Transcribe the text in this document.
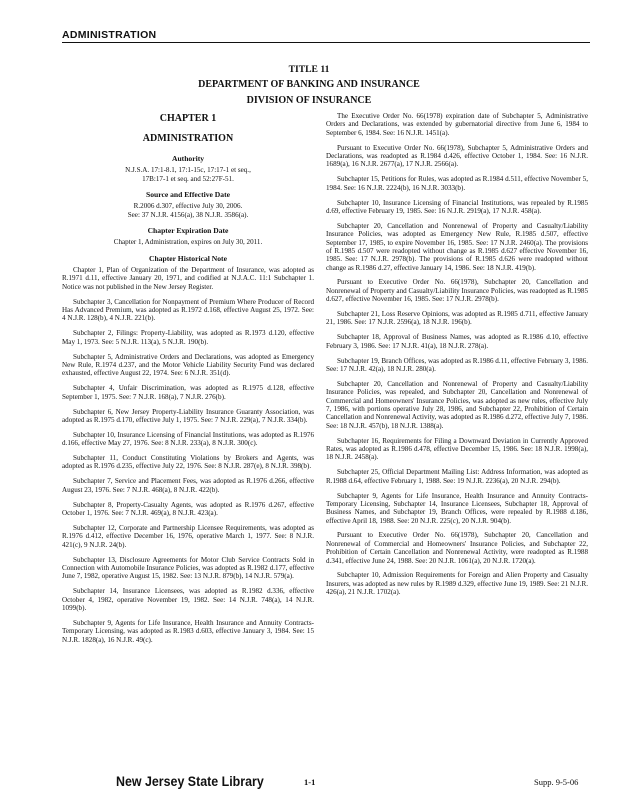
ADMINISTRATION
TITLE 11
DEPARTMENT OF BANKING AND INSURANCE
DIVISION OF INSURANCE
CHAPTER 1
ADMINISTRATION
Authority
N.J.S.A. 17:1-8.1, 17:1-15c, 17:17-1 et seq.,
17B:17-1 et seq. and 52:27F-51.
Source and Effective Date
R.2006 d.307, effective July 30, 2006.
See: 37 N.J.R. 4156(a), 38 N.J.R. 3586(a).
Chapter Expiration Date
Chapter 1, Administration, expires on July 30, 2011.
Chapter Historical Note

Chapter 1, Plan of Organization of the Department of Insurance, was adopted as R.1971 d.11, effective January 20, 1971, and codified at N.J.A.C. 11:1 Subchapter 1. Notice was not published in the New Jersey Register.

Subchapter 3, Cancellation for Nonpayment of Premium Where Producer of Record Has Advanced Premium, was adopted as R.1972 d.168, effective August 25, 1972. See: 4 N.J.R. 128(b), 4 N.J.R. 221(b).

Subchapter 2, Filings: Property-Liability, was adopted as R.1973 d.120, effective May 1, 1973. See: 5 N.J.R. 113(a), 5 N.J.R. 190(b).

Subchapter 5, Administrative Orders and Declarations, was adopted as Emergency New Rule, R.1974 d.237, and the Motor Vehicle Liability Security Fund was declared exhausted, effective August 22, 1974. See: 6 N.J.R. 351(d).

Subchapter 4, Unfair Discrimination, was adopted as R.1975 d.128, effective September 1, 1975. See: 7 N.J.R. 168(a), 7 N.J.R. 276(b).

Subchapter 6, New Jersey Property-Liability Insurance Guaranty Association, was adopted as R.1975 d.170, effective July 1, 1975. See: 7 N.J.R. 229(a), 7 N.J.R. 334(b).

Subchapter 10, Insurance Licensing of Financial Institutions, was adopted as R.1976 d.166, effective May 27, 1976. See: 8 N.J.R. 233(a), 8 N.J.R. 300(c).

Subchapter 11, Conduct Constituting Violations by Brokers and Agents, was adopted as R.1976 d.235, effective July 22, 1976. See: 8 N.J.R. 287(e), 8 N.J.R. 398(b).

Subchapter 7, Service and Placement Fees, was adopted as R.1976 d.266, effective August 23, 1976. See: 7 N.J.R. 468(a), 8 N.J.R. 422(b).

Subchapter 8, Property-Casualty Agents, was adopted as R.1976 d.267, effective October 1, 1976. See: 7 N.J.R. 469(a), 8 N.J.R. 423(a).

Subchapter 12, Corporate and Partnership Licensee Requirements, was adopted as R.1976 d.412, effective December 16, 1976, operative March 1, 1977. See: 8 N.J.R. 421(c), 9 N.J.R. 24(b).

Subchapter 13, Disclosure Agreements for Motor Club Service Contracts Sold in Connection with Automobile Insurance Policies, was adopted as R.1982 d.177, effective June 7, 1982, operative August 15, 1982. See: 13 N.J.R. 879(b), 14 N.J.R. 579(a).

Subchapter 14, Insurance Licensees, was adopted as R.1982 d.336, effective October 4, 1982, operative November 19, 1982. See: 14 N.J.R. 748(a), 14 N.J.R. 1099(b).

Subchapter 9, Agents for Life Insurance, Health Insurance and Annuity Contracts-Temporary Licensing, was adopted as R.1983 d.603, effective January 3, 1984. See: 15 N.J.R. 1828(a), 16 N.J.R. 49(c).

The Executive Order No. 66(1978) expiration date of Subchapter 5, Administrative Orders and Declarations, was extended by gubernatorial directive from June 6, 1984 to September 6, 1984. See: 16 N.J.R. 1451(a).

Pursuant to Executive Order No. 66(1978), Subchapter 5, Administrative Orders and Declarations, was readopted as R.1984 d.426, effective October 1, 1984. See: 16 N.J.R. 1689(a), 16 N.J.R. 2677(a), 17 N.J.R. 2566(a).

Subchapter 15, Petitions for Rules, was adopted as R.1984 d.511, effective November 5, 1984. See: 16 N.J.R. 2224(b), 16 N.J.R. 3033(b).

Subchapter 10, Insurance Licensing of Financial Institutions, was repealed by R.1985 d.69, effective February 19, 1985. See: 16 N.J.R. 2919(a), 17 N.J.R. 458(a).

Subchapter 20, Cancellation and Nonrenewal of Property and Casualty/Liability Insurance Policies, was adopted as Emergency New Rule, R.1985 d.507, effective September 17, 1985, to expire November 16, 1985. See: 17 N.J.R. 2460(a). The provisions of R.1985 d.507 were readopted without change as R.1985 d.627 effective November 16, 1985. See: 17 N.J.R. 2978(b). The provisions of R.1985 d.626 were readopted without change as R.1986 d.27, effective January 14, 1986. See: 18 N.J.R. 419(b).

Pursuant to Executive Order No. 66(1978), Subchapter 20, Cancellation and Nonrenewal of Property and Casualty/Liability Insurance Policies, was readopted as R.1985 d.627, effective November 16, 1985. See: 17 N.J.R. 2978(b).

Subchapter 21, Loss Reserve Opinions, was adopted as R.1985 d.711, effective January 21, 1986. See: 17 N.J.R. 2596(a), 18 N.J.R. 196(b).

Subchapter 18, Approval of Business Names, was adopted as R.1986 d.10, effective February 3, 1986. See: 17 N.J.R. 41(a), 18 N.J.R. 278(a).

Subchapter 19, Branch Offices, was adopted as R.1986 d.11, effective February 3, 1986. See: 17 N.J.R. 42(a), 18 N.J.R. 280(a).

Subchapter 20, Cancellation and Nonrenewal of Property and Casualty/Liability Insurance Policies, was repealed, and Subchapter 20, Cancellation and Nonrenewal of Commercial and Homeowners' Insurance Policies, was adopted as new rules, effective July 7, 1986, with portions operative July 28, 1986, and Subchapter 22, Prohibition of Certain Cancellation and Nonrenewal Activity, was adopted as R.1986 d.272, effective July 7, 1986. See: 18 N.J.R. 457(b), 18 N.J.R. 1388(a).

Subchapter 16, Requirements for Filing a Downward Deviation in Currently Approved Rates, was adopted as R.1986 d.478, effective December 15, 1986. See: 18 N.J.R. 1998(a), 18 N.J.R. 2458(a).

Subchapter 25, Official Department Mailing List: Address Information, was adopted as R.1988 d.64, effective February 1, 1988. See: 19 N.J.R. 2236(a), 20 N.J.R. 294(b).

Subchapter 9, Agents for Life Insurance, Health Insurance and Annuity Contracts-Temporary Licensing, Subchapter 14, Insurance Licensees, Subchapter 18, Approval of Business Names, and Subchapter 19, Branch Offices, were repealed by R.1988 d.186, effective April 18, 1988. See: 20 N.J.R. 225(c), 20 N.J.R. 904(b).

Pursuant to Executive Order No. 66(1978), Subchapter 20, Cancellation and Nonrenewal of Commercial and Homeowners' Insurance Policies, and Subchapter 22, Prohibition of Certain Cancellation and Nonrenewal Activity, were readopted as R.1988 d.341, effective June 24, 1988. See: 20 N.J.R. 1061(a), 20 N.J.R. 1720(a).

Subchapter 10, Admission Requirements for Foreign and Alien Property and Casualty Insurers, was adopted as new rules by R.1989 d.329, effective June 19, 1989. See: 21 N.J.R. 426(a), 21 N.J.R. 1702(a).

New Jersey State Library	1-1	Supp. 9-5-06
